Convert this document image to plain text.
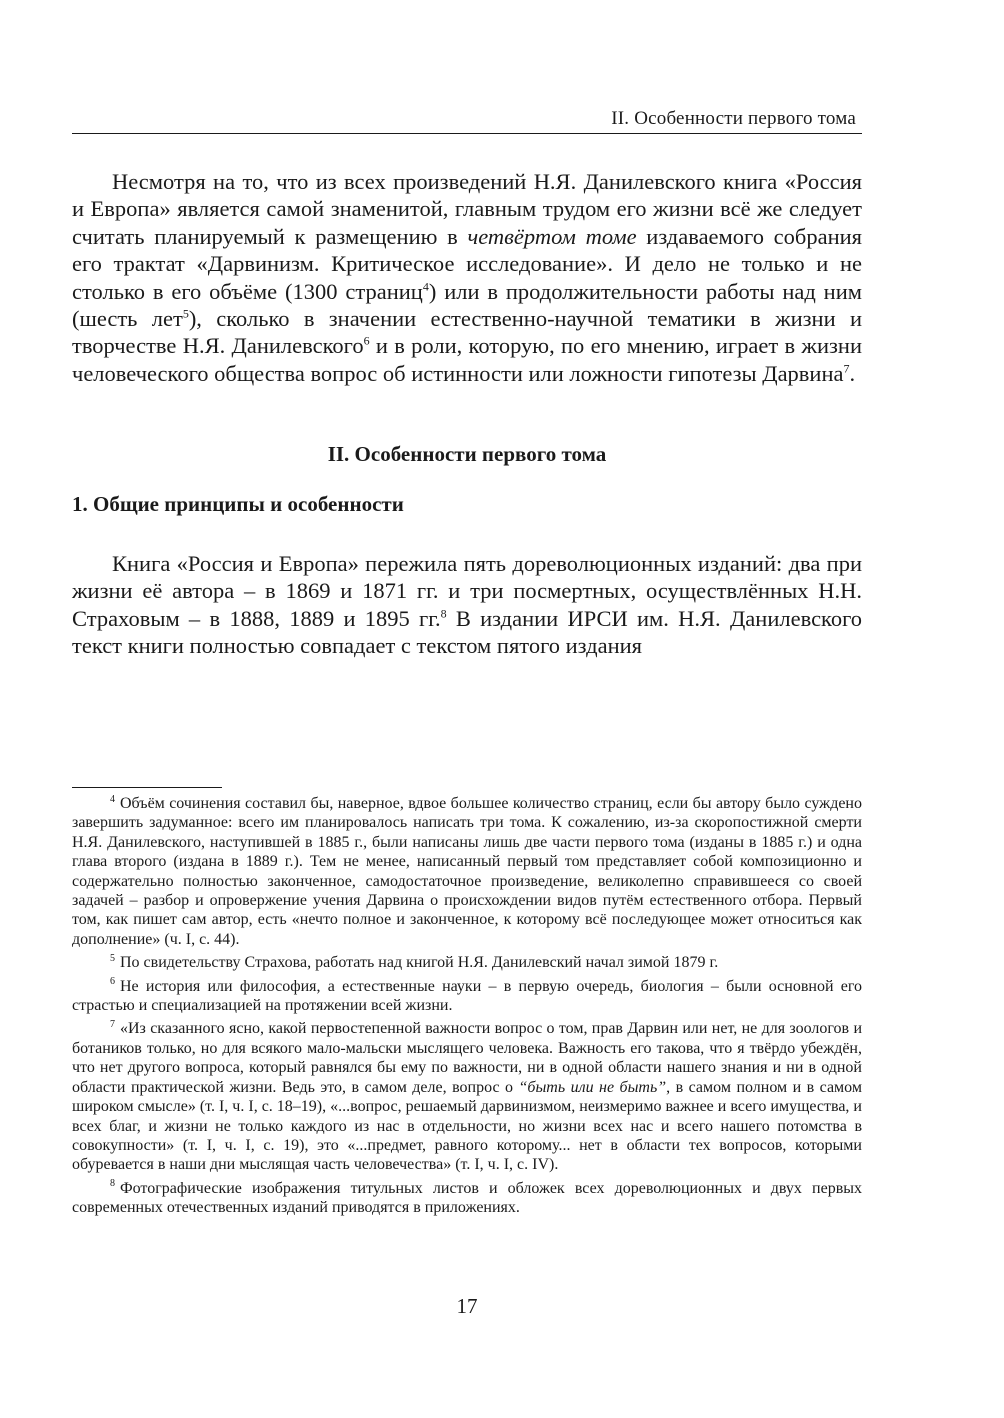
II. Особенности первого тома

Несмотря на то, что из всех произведений Н.Я. Данилевского книга «Россия и Европа» является самой знаменитой, главным трудом его жизни всё же следует считать планируемый к размещению в четвёртом томе издаваемого собрания его трактат «Дарвинизм. Критическое исследование». И дело не только и не столько в его объёме (1300 страниц$^4$) или в продолжительности работы над ним (шесть лет$^5$), сколько в значении естественно-научной тематики в жизни и творчестве Н.Я. Данилевского$^6$ и в роли, которую, по его мнению, играет в жизни человеческого общества вопрос об истинности или ложности гипотезы Дарвина$^7$.

II. Особенности первого тома
1. Общие принципы и особенности

Книга «Россия и Европа» пережила пять дореволюционных изданий: два при жизни её автора – в 1869 и 1871 гг. и три посмертных, осуществлённых Н.Н. Страховым – в 1888, 1889 и 1895 гг.$^8$ В издании ИРСИ им. Н.Я. Данилевского текст книги полностью совпадает с текстом пятого издания

$^4$ Объём сочинения составил бы, наверное, вдвое большее количество страниц, если бы автору было суждено завершить задуманное: всего им планировалось написать три тома. К сожалению, из-за скоропостижной смерти Н.Я. Данилевского, наступившей в 1885 г., были написаны лишь две части первого тома (изданы в 1885 г.) и одна глава второго (издана в 1889 г.). Тем не менее, написанный первый том представляет собой композиционно и содержательно полностью законченное, самодостаточное произведение, великолепно справившееся со своей задачей – разбор и опровержение учения Дарвина о происхождении видов путём естественного отбора. Первый том, как пишет сам автор, есть «нечто полное и законченное, к которому всё последующее может относиться как дополнение» (ч. I, с. 44).

$^5$ По свидетельству Страхова, работать над книгой Н.Я. Данилевский начал зимой 1879 г.

$^6$ Не история или философия, а естественные науки – в первую очередь, биология – были основной его страстью и специализацией на протяжении всей жизни.

$^7$ «Из сказанного ясно, какой первостепенной важности вопрос о том, прав Дарвин или нет, не для зоологов и ботаников только, но для всякого мало-мальски мыслящего человека. Важность его такова, что я твёрдо убеждён, что нет другого вопроса, который равнялся бы ему по важности, ни в одной области нашего знания и ни в одной области практической жизни. Ведь это, в самом деле, вопрос о “быть или не быть”, в самом полном и в самом широком смысле» (т. I, ч. I, с. 18–19), «...вопрос, решаемый дарвинизмом, неизмеримо важнее и всего имущества, и всех благ, и жизни не только каждого из нас в отдельности, но жизни всех нас и всего нашего потомства в совокупности» (т. I, ч. I, с. 19), это «...предмет, равного которому... нет в области тех вопросов, которыми обуревается в наши дни мыслящая часть человечества» (т. I, ч. I, с. IV).

$^8$ Фотографические изображения титульных листов и обложек всех дореволюционных и двух первых современных отечественных изданий приводятся в приложениях.

17
